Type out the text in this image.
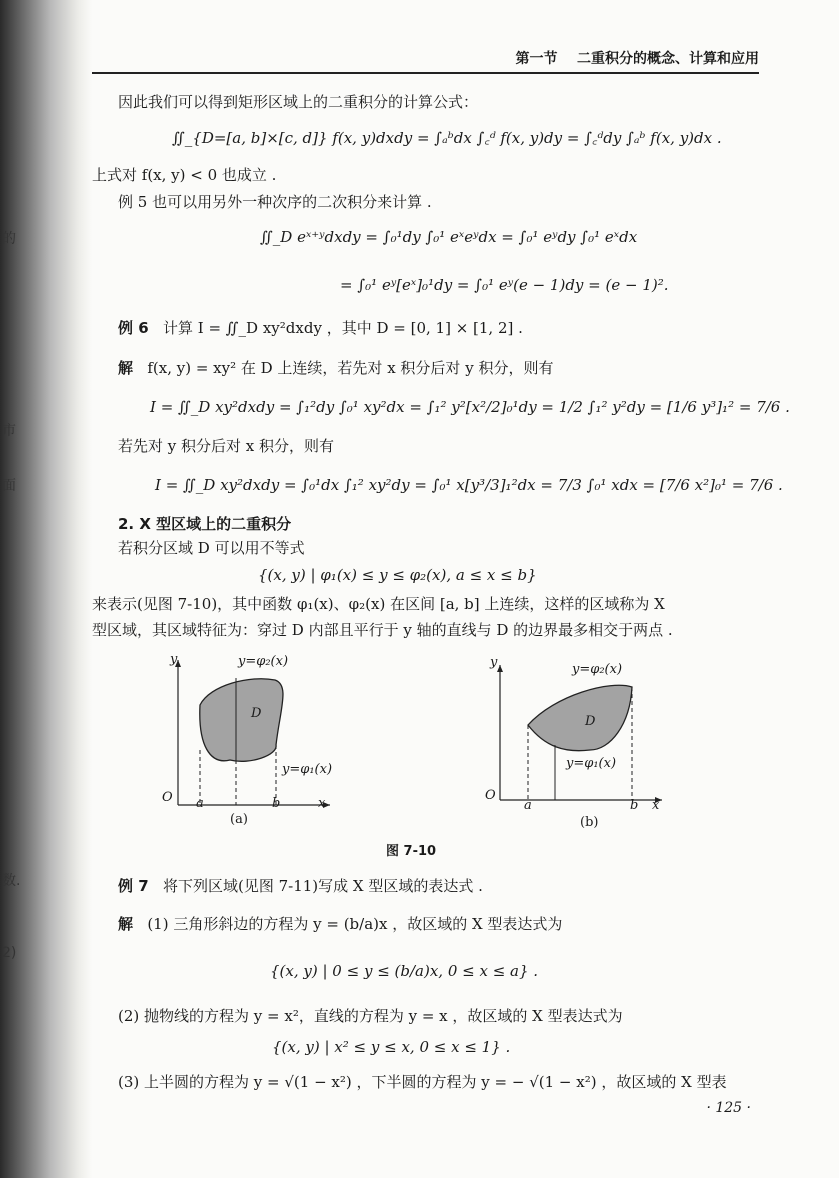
的
市
面
数.
2)
第一节 二重积分的概念、计算和应用
因此我们可以得到矩形区域上的二重积分的计算公式：
∬_{D=[a, b]×[c, d]} f(x, y)dxdy = ∫ₐᵇdx ∫꜀ᵈ f(x, y)dy = ∫꜀ᵈdy ∫ₐᵇ f(x, y)dx .
上式对 f(x, y) < 0 也成立 .
例 5 也可以用另外一种次序的二次积分来计算 .
∬_D eˣ⁺ʸdxdy = ∫₀¹dy ∫₀¹ eˣeʸdx = ∫₀¹ eʸdy ∫₀¹ eˣdx
= ∫₀¹ eʸ[eˣ]₀¹dy = ∫₀¹ eʸ(e − 1)dy = (e − 1)².
例 6 计算 I = ∬_D xy²dxdy ，其中 D = [0, 1] × [1, 2] .
解 f(x, y) = xy² 在 D 上连续，若先对 x 积分后对 y 积分，则有
I = ∬_D xy²dxdy = ∫₁²dy ∫₀¹ xy²dx = ∫₁² y²[x²/2]₀¹dy = 1/2 ∫₁² y²dy = [1/6 y³]₁² = 7/6 .
若先对 y 积分后对 x 积分，则有
I = ∬_D xy²dxdy = ∫₀¹dx ∫₁² xy²dy = ∫₀¹ x[y³/3]₁²dx = 7/3 ∫₀¹ xdx = [7/6 x²]₀¹ = 7/6 .
2. X 型区域上的二重积分
若积分区域 D 可以用不等式
{(x, y) | φ₁(x) ≤ y ≤ φ₂(x), a ≤ x ≤ b}
来表示(见图 7-10)，其中函数 φ₁(x)、φ₂(x) 在区间 [a, b] 上连续，这样的区域称为 X
型区域，其区域特征为：穿过 D 内部且平行于 y 轴的直线与 D 的边界最多相交于两点 .
y	y=φ₂(x)
D
y=φ₁(x)
O a	b	x
(a)
y	y=φ₂(x)
D
y=φ₁(x)
O
a	b x
(b)
图 7-10
例 7 将下列区域(见图 7-11)写成 X 型区域的表达式 .
解 (1) 三角形斜边的方程为 y = (b/a)x ，故区域的 X 型表达式为
{(x, y) | 0 ≤ y ≤ (b/a)x, 0 ≤ x ≤ a} .
(2) 抛物线的方程为 y = x²，直线的方程为 y = x ，故区域的 X 型表达式为
{(x, y) | x² ≤ y ≤ x, 0 ≤ x ≤ 1} .
(3) 上半圆的方程为 y = √(1 − x²) ，下半圆的方程为 y = − √(1 − x²) ，故区域的 X 型表
· 125 ·
